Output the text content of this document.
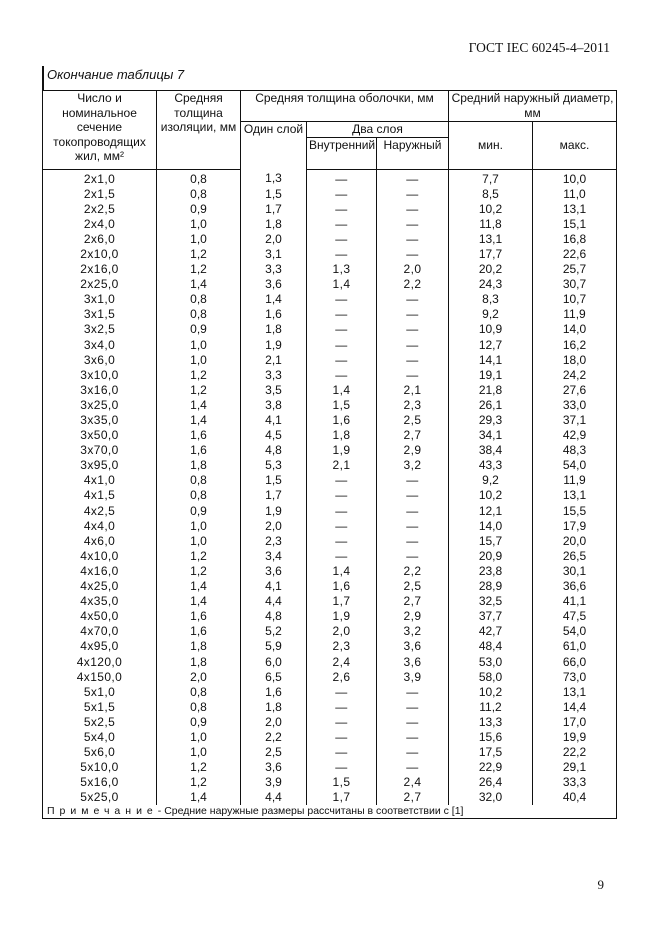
ГОСТ IEC 60245-4–2011
Окончание таблицы 7
Число и номинальное сечение токопроводящих жил, мм²	Средняя толщина изоляции, мм	Средняя толщина оболочки, мм			Средний наружный диаметр, мм	
		Один слой	Два слоя		мин.	макс.
			Внутренний	Наружный		
2х1,0	0,8	1,3	—	—	7,7	10,0
2х1,5	0,8	1,5	—	—	8,5	11,0
2х2,5	0,9	1,7	—	—	10,2	13,1
2х4,0	1,0	1,8	—	—	11,8	15,1
2х6,0	1,0	2,0	—	—	13,1	16,8
2х10,0	1,2	3,1	—	—	17,7	22,6
2х16,0	1,2	3,3	1,3	2,0	20,2	25,7
2х25,0	1,4	3,6	1,4	2,2	24,3	30,7
3х1,0	0,8	1,4	—	—	8,3	10,7
3х1,5	0,8	1,6	—	—	9,2	11,9
3х2,5	0,9	1,8	—	—	10,9	14,0
3х4,0	1,0	1,9	—	—	12,7	16,2
3х6,0	1,0	2,1	—	—	14,1	18,0
3х10,0	1,2	3,3	—	—	19,1	24,2
3х16,0	1,2	3,5	1,4	2,1	21,8	27,6
3х25,0	1,4	3,8	1,5	2,3	26,1	33,0
3х35,0	1,4	4,1	1,6	2,5	29,3	37,1
3х50,0	1,6	4,5	1,8	2,7	34,1	42,9
3х70,0	1,6	4,8	1,9	2,9	38,4	48,3
3х95,0	1,8	5,3	2,1	3,2	43,3	54,0
4х1,0	0,8	1,5	—	—	9,2	11,9
4х1,5	0,8	1,7	—	—	10,2	13,1
4х2,5	0,9	1,9	—	—	12,1	15,5
4х4,0	1,0	2,0	—	—	14,0	17,9
4х6,0	1,0	2,3	—	—	15,7	20,0
4х10,0	1,2	3,4	—	—	20,9	26,5
4х16,0	1,2	3,6	1,4	2,2	23,8	30,1
4х25,0	1,4	4,1	1,6	2,5	28,9	36,6
4х35,0	1,4	4,4	1,7	2,7	32,5	41,1
4х50,0	1,6	4,8	1,9	2,9	37,7	47,5
4х70,0	1,6	5,2	2,0	3,2	42,7	54,0
4х95,0	1,8	5,9	2,3	3,6	48,4	61,0
4х120,0	1,8	6,0	2,4	3,6	53,0	66,0
4х150,0	2,0	6,5	2,6	3,9	58,0	73,0
5х1,0	0,8	1,6	—	—	10,2	13,1
5х1,5	0,8	1,8	—	—	11,2	14,4
5х2,5	0,9	2,0	—	—	13,3	17,0
5х4,0	1,0	2,2	—	—	15,6	19,9
5х6,0	1,0	2,5	—	—	17,5	22,2
5х10,0	1,2	3,6	—	—	22,9	29,1
5х16,0	1,2	3,9	1,5	2,4	26,4	33,3
5х25,0	1,4	4,4	1,7	2,7	32,0	40,4
Примечание- Средние наружные размеры рассчитаны в соответствии с [1]						
9
